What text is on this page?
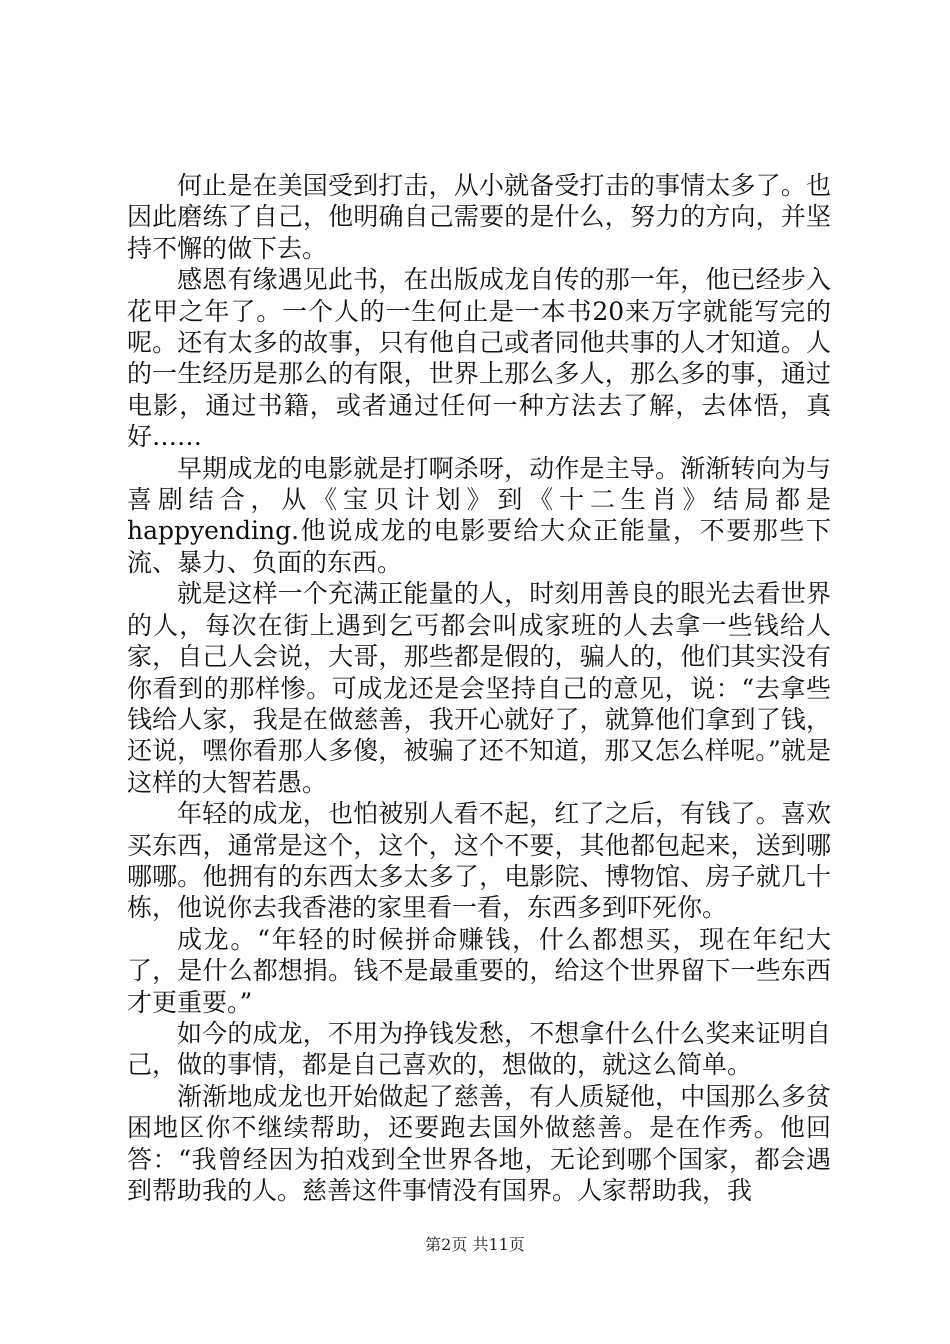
何止是在美国受到打击，从小就备受打击的事情太多了。也因此磨练了自己，他明确自己需要的是什么，努力的方向，并坚持不懈的做下去。

感恩有缘遇见此书，在出版成龙自传的那一年，他已经步入花甲之年了。一个人的一生何止是一本书20来万字就能写完的呢。还有太多的故事，只有他自己或者同他共事的人才知道。人的一生经历是那么的有限，世界上那么多人，那么多的事，通过电影，通过书籍，或者通过任何一种方法去了解，去体悟，真好……

早期成龙的电影就是打啊杀呀，动作是主导。渐渐转向为与喜剧结合，从《宝贝计划》到《十二生肖》结局都是happyending.他说成龙的电影要给大众正能量，不要那些下流、暴力、负面的东西。

就是这样一个充满正能量的人，时刻用善良的眼光去看世界的人，每次在街上遇到乞丐都会叫成家班的人去拿一些钱给人家，自己人会说，大哥，那些都是假的，骗人的，他们其实没有你看到的那样惨。可成龙还是会坚持自己的意见，说：“去拿些钱给人家，我是在做慈善，我开心就好了，就算他们拿到了钱，还说，嘿你看那人多傻，被骗了还不知道，那又怎么样呢。”就是这样的大智若愚。

年轻的成龙，也怕被别人看不起，红了之后，有钱了。喜欢买东西，通常是这个，这个，这个不要，其他都包起来，送到哪哪哪。他拥有的东西太多太多了，电影院、博物馆、房子就几十栋，他说你去我香港的家里看一看，东西多到吓死你。

成龙。“年轻的时候拼命赚钱，什么都想买，现在年纪大了，是什么都想捐。钱不是最重要的，给这个世界留下一些东西才更重要。”

如今的成龙，不用为挣钱发愁，不想拿什么什么奖来证明自己，做的事情，都是自己喜欢的，想做的，就这么简单。

渐渐地成龙也开始做起了慈善，有人质疑他，中国那么多贫困地区你不继续帮助，还要跑去国外做慈善。是在作秀。他回答：“我曾经因为拍戏到全世界各地，无论到哪个国家，都会遇到帮助我的人。慈善这件事情没有国界。人家帮助我，我

第2页 共11页
